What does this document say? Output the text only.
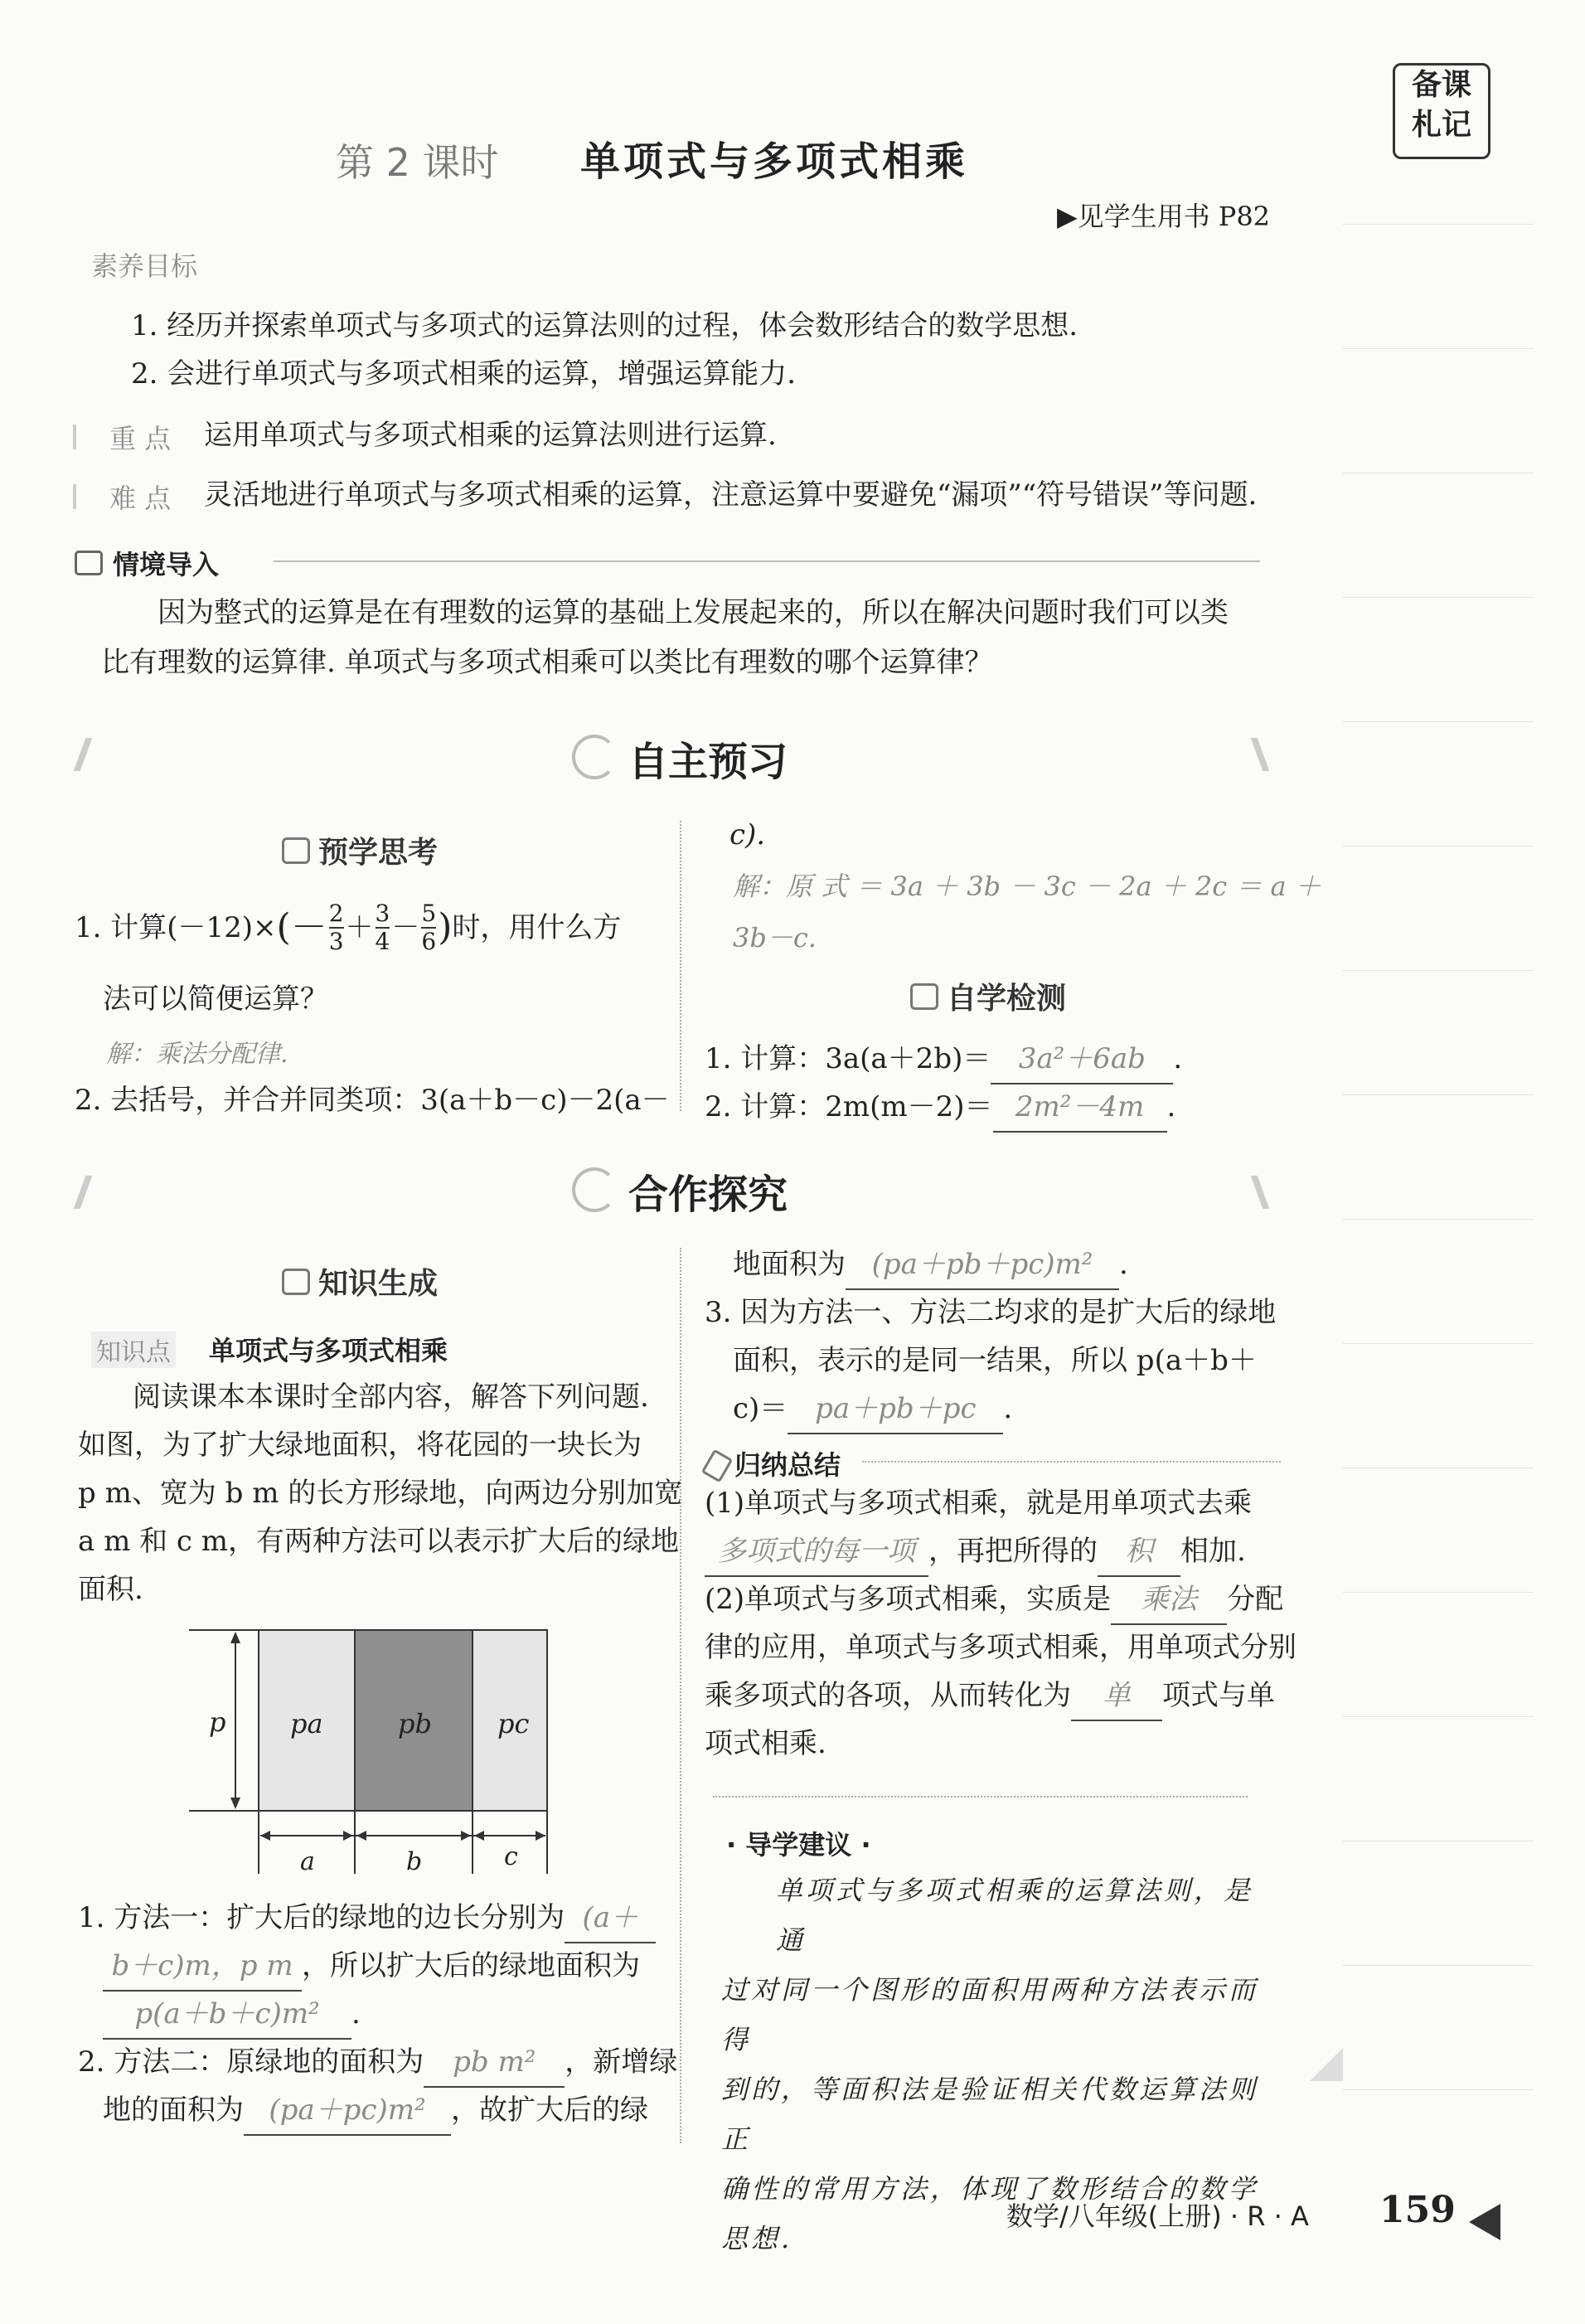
备课
札记
第 2 课时 单项式与多项式相乘
▶见学生用书 P82
素养目标
1. 经历并探索单项式与多项式的运算法则的过程，体会数形结合的数学思想.
2. 会进行单项式与多项式相乘的运算，增强运算能力.
重 点 运用单项式与多项式相乘的运算法则进行运算.
难 点 灵活地进行单项式与多项式相乘的运算，注意运算中要避免“漏项”“符号错误”等问题.
情境导入
因为整式的运算是在有理数的运算的基础上发展起来的，所以在解决问题时我们可以类
比有理数的运算律. 单项式与多项式相乘可以类比有理数的哪个运算律？
自主预习
预学思考
1. 计算(－12)× (－ $\frac{2}{3} + \frac{3}{4} - \frac{5}{6}$ ) 时，用什么方
法可以简便运算？
解：乘法分配律.
2. 去括号，并合并同类项：3(a＋b－c)－2(a－
c).
解：原 式 ＝ 3a ＋ 3b － 3c － 2a ＋ 2c ＝ a ＋
3b－c.
自学检测
1. 计算：3a(a＋2b)＝ 3a²＋6ab .
2. 计算：2m(m－2)＝ 2m²－4m .
合作探究
知识生成
知识点 单项式与多项式相乘
阅读课本本课时全部内容，解答下列问题.
如图，为了扩大绿地面积，将花园的一块长为
p m、宽为 b m 的长方形绿地，向两边分别加宽
a m 和 c m，有两种方法可以表示扩大后的绿地
面积.
pa	pb pc
p
a	b	c
1. 方法一：扩大后的绿地的边长分别为 (a＋
b＋c)m，p m ，所以扩大后的绿地面积为
p(a＋b＋c)m² .
2. 方法二：原绿地的面积为 pb m² ，新增绿
地的面积为 (pa＋pc)m² ，故扩大后的绿
地面积为 (pa＋pb＋pc)m² .
3. 因为方法一、方法二均求的是扩大后的绿地
面积，表示的是同一结果，所以 p(a＋b＋
c)＝ pa＋pb＋pc .
归纳总结
(1)单项式与多项式相乘，就是用单项式去乘
多项式的每一项 ，再把所得的 积 相加.
(2)单项式与多项式相乘，实质是 乘法 分配
律的应用，单项式与多项式相乘，用单项式分别
乘多项式的各项，从而转化为 单 项式与单
项式相乘.
· 导学建议 ·
单项式与多项式相乘的运算法则，是通
过对同一个图形的面积用两种方法表示而得
到的，等面积法是验证相关代数运算法则正
确性的常用方法，体现了数形结合的数学
思想.
数学/八年级(上册) · R · A 159
